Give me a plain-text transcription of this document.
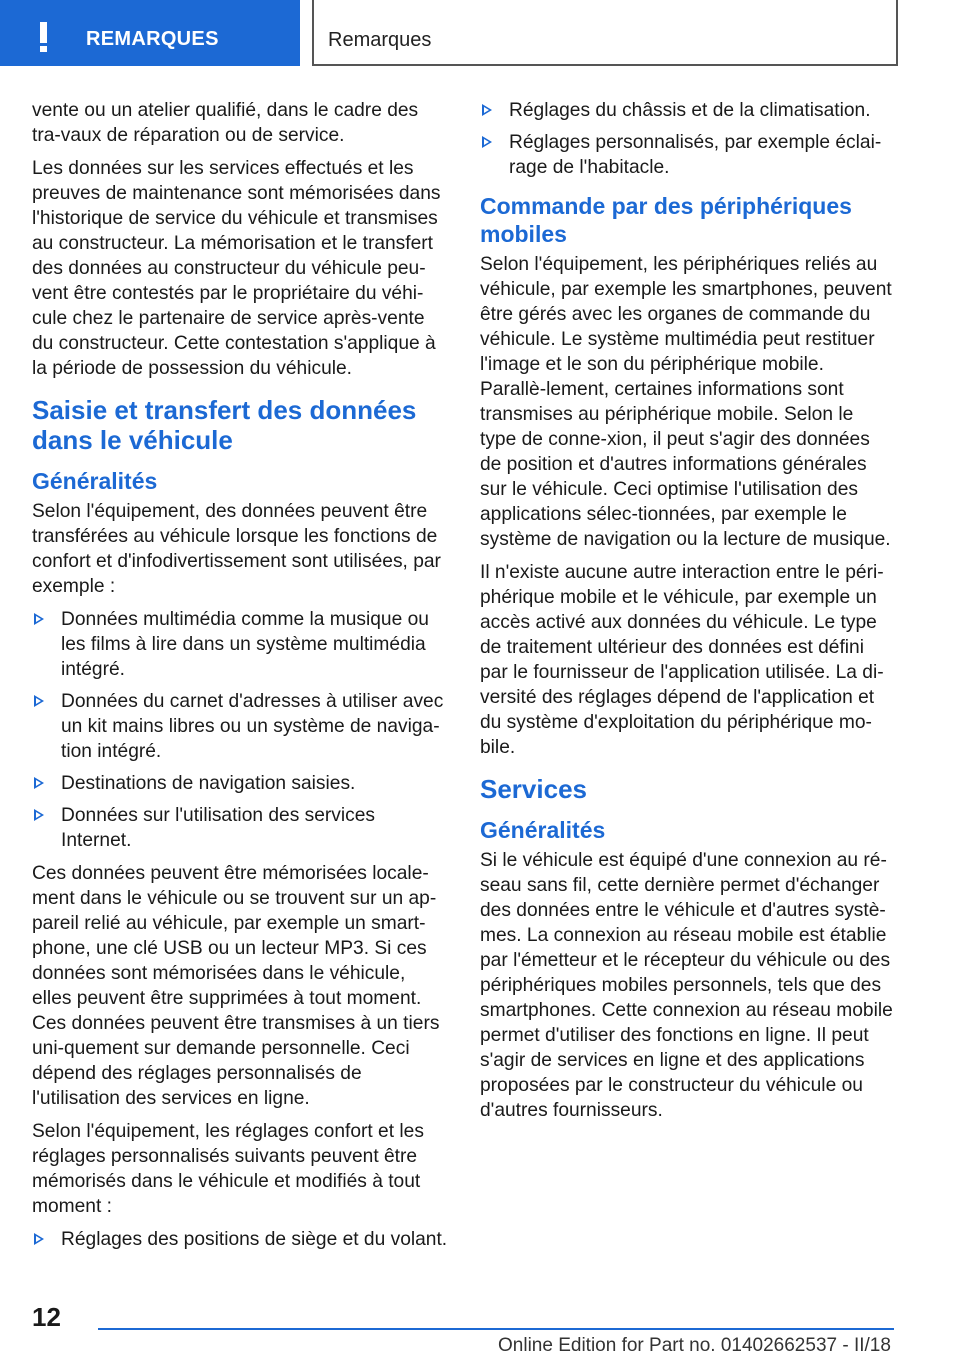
REMARQUES	Remarques

vente ou un atelier qualifié, dans le cadre des tra‐vaux de réparation ou de service.

Les données sur les services effectués et les preuves de maintenance sont mémorisées dans l'historique de service du véhicule et transmises au constructeur. La mémorisation et le transfert des données au constructeur du véhicule peu‐vent être contestés par le propriétaire du véhi‐cule chez le partenaire de service après-vente du constructeur. Cette contestation s'applique à la période de possession du véhicule.

Saisie et transfert des données dans le véhicule
Généralités

Selon l'équipement, des données peuvent être transférées au véhicule lorsque les fonctions de confort et d'infodivertissement sont utilisées, par exemple :

Données multimédia comme la musique ou les films à lire dans un système multimédia intégré.
Données du carnet d'adresses à utiliser avec un kit mains libres ou un système de naviga‐tion intégré.
Destinations de navigation saisies.
Données sur l'utilisation des services Internet.

Ces données peuvent être mémorisées locale‐ment dans le véhicule ou se trouvent sur un ap‐pareil relié au véhicule, par exemple un smart‐phone, une clé USB ou un lecteur MP3. Si ces données sont mémorisées dans le véhicule, elles peuvent être supprimées à tout moment. Ces données peuvent être transmises à un tiers uni‐quement sur demande personnelle. Ceci dépend des réglages personnalisés de l'utilisation des services en ligne.

Selon l'équipement, les réglages confort et les réglages personnalisés suivants peuvent être mémorisés dans le véhicule et modifiés à tout moment :

Réglages des positions de siège et du volant.
Réglages du châssis et de la climatisation.
Réglages personnalisés, par exemple éclai‐rage de l'habitacle.
Commande par des périphériques mobiles

Selon l'équipement, les périphériques reliés au véhicule, par exemple les smartphones, peuvent être gérés avec les organes de commande du véhicule. Le système multimédia peut restituer l'image et le son du périphérique mobile. Parallè‐lement, certaines informations sont transmises au périphérique mobile. Selon le type de conne‐xion, il peut s'agir des données de position et d'autres informations générales sur le véhicule. Ceci optimise l'utilisation des applications sélec‐tionnées, par exemple le système de navigation ou la lecture de musique.

Il n'existe aucune autre interaction entre le péri‐phérique mobile et le véhicule, par exemple un accès activé aux données du véhicule. Le type de traitement ultérieur des données est défini par le fournisseur de l'application utilisée. La di‐versité des réglages dépend de l'application et du système d'exploitation du périphérique mo‐bile.

Services
Généralités

Si le véhicule est équipé d'une connexion au ré‐seau sans fil, cette dernière permet d'échanger des données entre le véhicule et d'autres systè‐mes. La connexion au réseau mobile est établie par l'émetteur et le récepteur du véhicule ou des périphériques mobiles personnels, tels que des smartphones. Cette connexion au réseau mobile permet d'utiliser des fonctions en ligne. Il peut s'agir de services en ligne et des applications proposées par le constructeur du véhicule ou d'autres fournisseurs.

12
Online Edition for Part no. 01402662537 - II/18
